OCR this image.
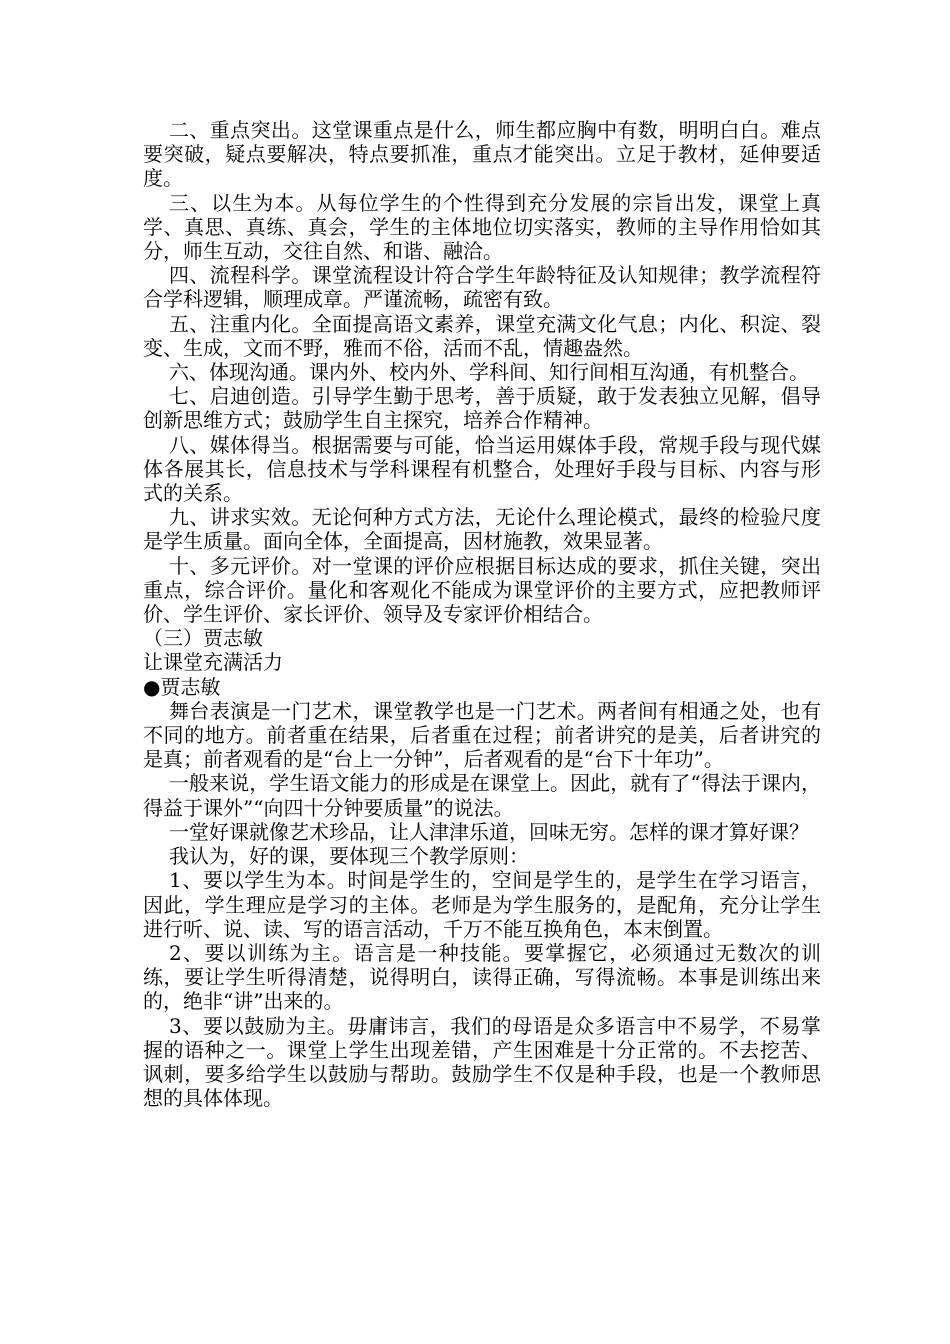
二、重点突出。这堂课重点是什么，师生都应胸中有数，明明白白。难点要突破，疑点要解决，特点要抓准，重点才能突出。立足于教材，延伸要适度。

三、以生为本。从每位学生的个性得到充分发展的宗旨出发，课堂上真学、真思、真练、真会，学生的主体地位切实落实，教师的主导作用恰如其分，师生互动，交往自然、和谐、融洽。

四、流程科学。课堂流程设计符合学生年龄特征及认知规律；教学流程符合学科逻辑，顺理成章。严谨流畅，疏密有致。

五、注重内化。全面提高语文素养，课堂充满文化气息；内化、积淀、裂变、生成，文而不野，雅而不俗，活而不乱，情趣盎然。

六、体现沟通。课内外、校内外、学科间、知行间相互沟通，有机整合。

七、启迪创造。引导学生勤于思考，善于质疑，敢于发表独立见解，倡导创新思维方式；鼓励学生自主探究，培养合作精神。

八、媒体得当。根据需要与可能，恰当运用媒体手段，常规手段与现代媒体各展其长，信息技术与学科课程有机整合，处理好手段与目标、内容与形式的关系。

九、讲求实效。无论何种方式方法，无论什么理论模式，最终的检验尺度是学生质量。面向全体，全面提高，因材施教，效果显著。

十、多元评价。对一堂课的评价应根据目标达成的要求，抓住关键，突出重点，综合评价。量化和客观化不能成为课堂评价的主要方式，应把教师评价、学生评价、家长评价、领导及专家评价相结合。

（三）贾志敏

让课堂充满活力

●贾志敏

舞台表演是一门艺术，课堂教学也是一门艺术。两者间有相通之处，也有不同的地方。前者重在结果，后者重在过程；前者讲究的是美，后者讲究的是真；前者观看的是“台上一分钟”，后者观看的是“台下十年功”。

一般来说，学生语文能力的形成是在课堂上。因此，就有了“得法于课内，得益于课外”“向四十分钟要质量”的说法。

一堂好课就像艺术珍品，让人津津乐道，回味无穷。怎样的课才算好课？

我认为，好的课，要体现三个教学原则：

1、要以学生为本。时间是学生的，空间是学生的，是学生在学习语言，因此，学生理应是学习的主体。老师是为学生服务的，是配角，充分让学生进行听、说、读、写的语言活动，千万不能互换角色，本末倒置。

2、要以训练为主。语言是一种技能。要掌握它，必须通过无数次的训练，要让学生听得清楚，说得明白，读得正确，写得流畅。本事是训练出来的，绝非“讲”出来的。

3、要以鼓励为主。毋庸讳言，我们的母语是众多语言中不易学，不易掌握的语种之一。课堂上学生出现差错，产生困难是十分正常的。不去挖苦、讽刺，要多给学生以鼓励与帮助。鼓励学生不仅是种手段，也是一个教师思想的具体体现。
